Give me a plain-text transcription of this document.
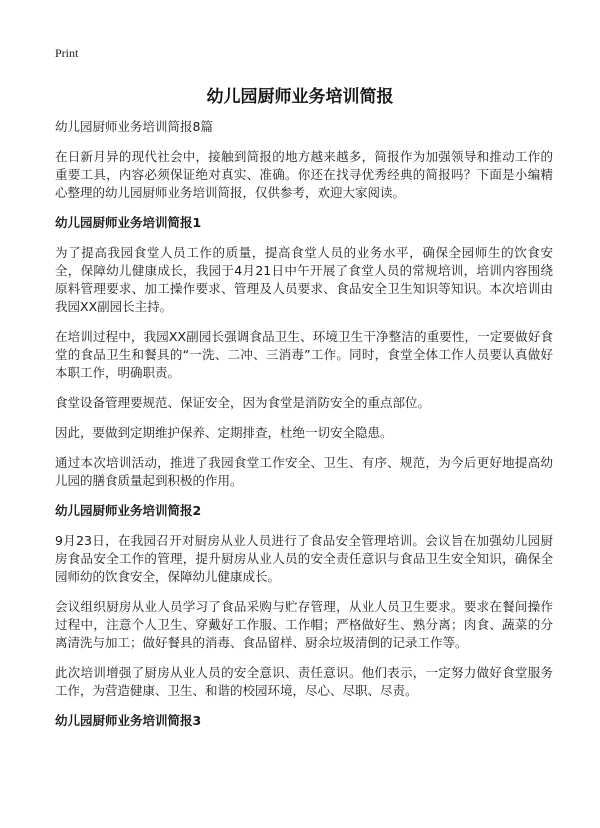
Print
幼儿园厨师业务培训简报
幼儿园厨师业务培训简报8篇

在日新月异的现代社会中，接触到简报的地方越来越多，简报作为加强领导和推动工作的重要工具，内容必须保证绝对真实、准确。你还在找寻优秀经典的简报吗？下面是小编精心整理的幼儿园厨师业务培训简报，仅供参考，欢迎大家阅读。

幼儿园厨师业务培训简报1

为了提高我园食堂人员工作的质量，提高食堂人员的业务水平，确保全园师生的饮食安全，保障幼儿健康成长，我园于4月21日中午开展了食堂人员的常规培训，培训内容围绕原料管理要求、加工操作要求、管理及人员要求、食品安全卫生知识等知识。本次培训由我园XX副园长主持。

在培训过程中，我园XX副园长强调食品卫生、环境卫生干净整洁的重要性，一定要做好食堂的食品卫生和餐具的“一洗、二冲、三消毒”工作。同时，食堂全体工作人员要认真做好本职工作，明确职责。

食堂设备管理要规范、保证安全，因为食堂是消防安全的重点部位。

因此，要做到定期维护保养、定期排查，杜绝一切安全隐患。

通过本次培训活动，推进了我园食堂工作安全、卫生、有序、规范，为今后更好地提高幼儿园的膳食质量起到积极的作用。

幼儿园厨师业务培训简报2

9月23日，在我园召开对厨房从业人员进行了食品安全管理培训。会议旨在加强幼儿园厨房食品安全工作的管理，提升厨房从业人员的安全责任意识与食品卫生安全知识，确保全园师幼的饮食安全，保障幼儿健康成长。

会议组织厨房从业人员学习了食品采购与贮存管理，从业人员卫生要求。要求在餐间操作过程中，注意个人卫生、穿戴好工作服、工作帽；严格做好生、熟分离；肉食、蔬菜的分离清洗与加工；做好餐具的消毒、食品留样、厨余垃圾清倒的记录工作等。

此次培训增强了厨房从业人员的安全意识、责任意识。他们表示，一定努力做好食堂服务工作，为营造健康、卫生、和谐的校园环境，尽心、尽职、尽责。

幼儿园厨师业务培训简报3
